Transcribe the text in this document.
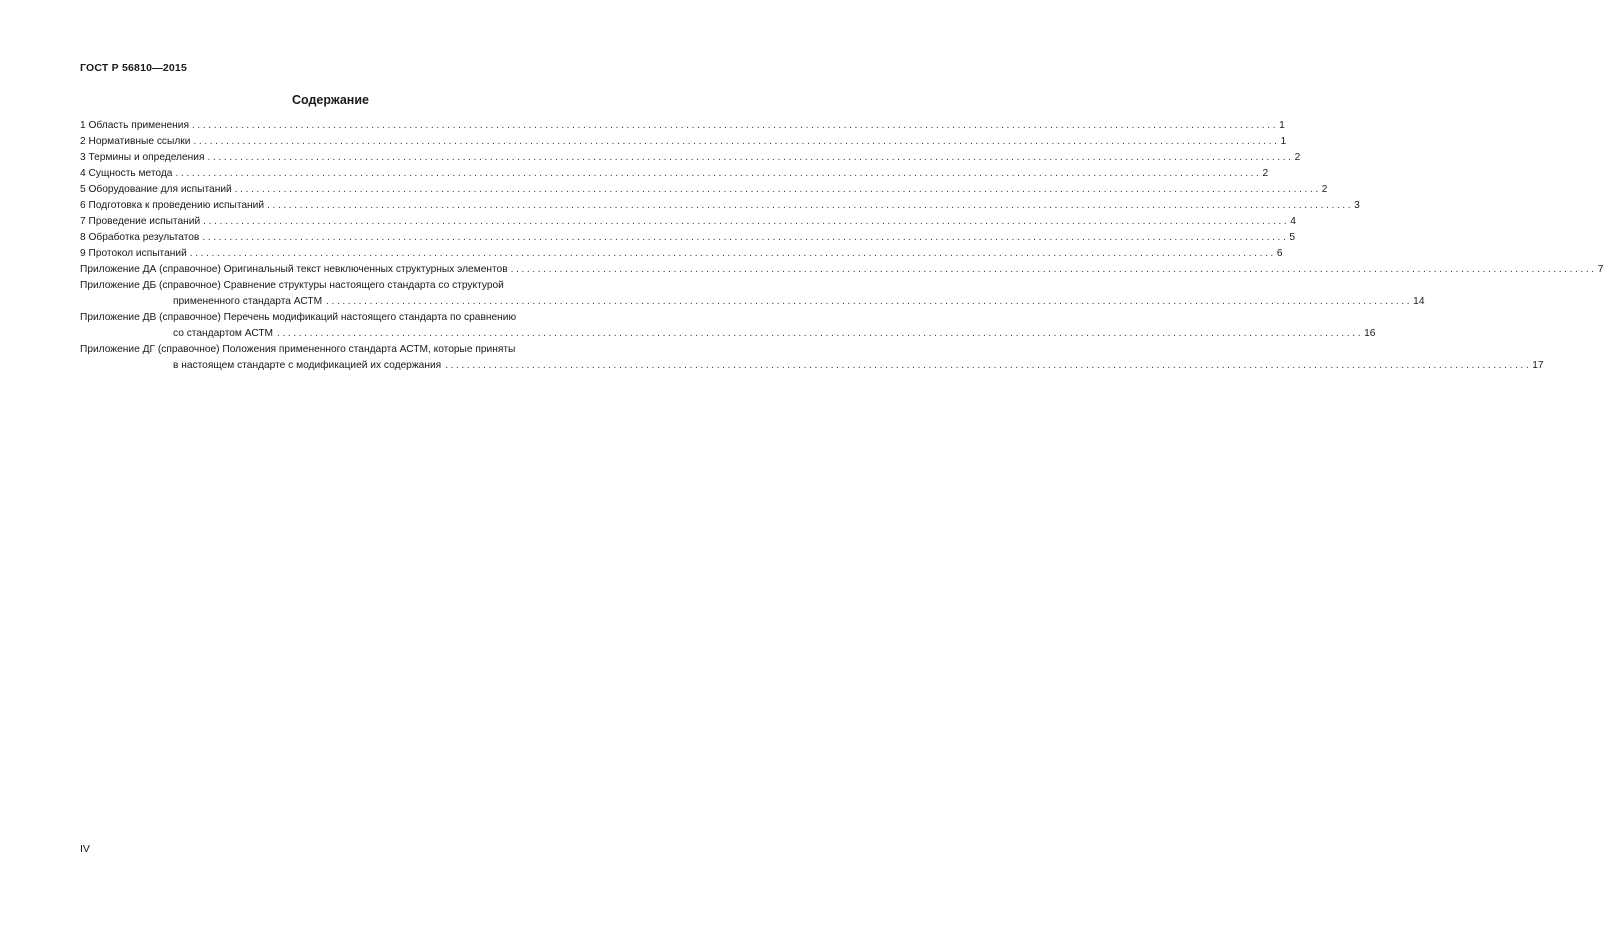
ГОСТ Р 56810—2015
Содержание
1 Область применения ........................................................................................................................................................................................................ 1
2 Нормативные ссылки ........................................................................................................................................................................................................ 1
3 Термины и определения ........................................................................................................................................................................................................ 2
4 Сущность метода ........................................................................................................................................................................................................ 2
5 Оборудование для испытаний ........................................................................................................................................................................................................ 2
6 Подготовка к проведению испытаний ........................................................................................................................................................................................................ 3
7 Проведение испытаний ........................................................................................................................................................................................................ 4
8 Обработка результатов ........................................................................................................................................................................................................ 5
9 Протокол испытаний ........................................................................................................................................................................................................ 6
Приложение ДА (справочное) Оригинальный текст невключенных структурных элементов ........................................................................................................................................................................................................ 7
Приложение ДБ (справочное) Сравнение структуры настоящего стандарта со структурой
примененного стандарта АСТМ ........................................................................................................................................................................................................ 14
Приложение ДВ (справочное) Перечень модификаций настоящего стандарта по сравнению
со стандартом АСТМ ........................................................................................................................................................................................................ 16
Приложение ДГ (справочное) Положения примененного стандарта АСТМ, которые приняты
в настоящем стандарте с модификацией их содержания ........................................................................................................................................................................................................ 17
IV
